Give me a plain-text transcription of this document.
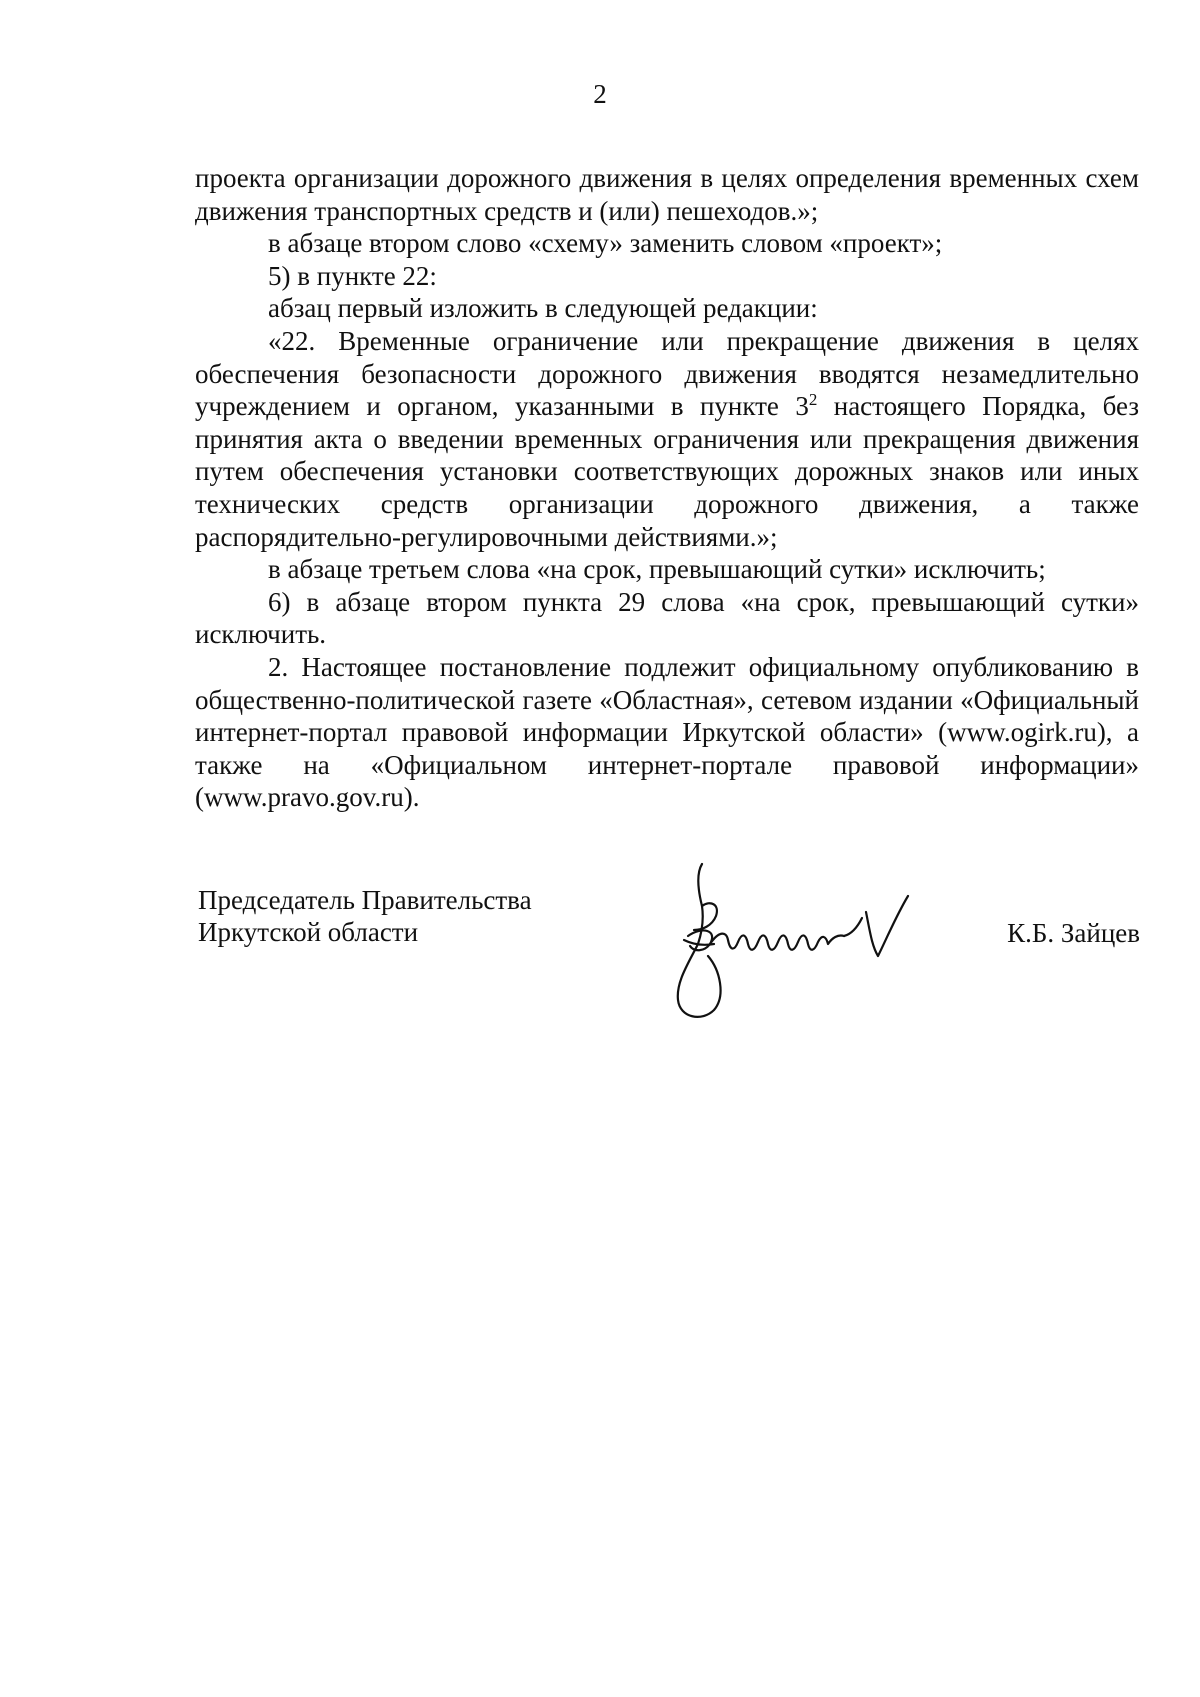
2

проекта организации дорожного движения в целях определения временных схем движения транспортных средств и (или) пешеходов.»;

в абзаце втором слово «схему» заменить словом «проект»;

5) в пункте 22:

абзац первый изложить в следующей редакции:

«22. Временные ограничение или прекращение движения в целях обеспечения безопасности дорожного движения вводятся незамедлительно учреждением и органом, указанными в пункте $3^2$ настоящего Порядка, без принятия акта о введении временных ограничения или прекращения движения путем обеспечения установки соответствующих дорожных знаков или иных технических средств организации дорожного движения, а также распорядительно-регулировочными действиями.»;

в абзаце третьем слова «на срок, превышающий сутки» исключить;

6) в абзаце втором пункта 29 слова «на срок, превышающий сутки» исключить.

2. Настоящее постановление подлежит официальному опубликованию в общественно-политической газете «Областная», сетевом издании «Официальный интернет-портал правовой информации Иркутской области» (www.ogirk.ru), а также на «Официальном интернет-портале правовой информации» (www.pravo.gov.ru).

Председатель Правительства
Иркутской области	К.Б. Зайцев
